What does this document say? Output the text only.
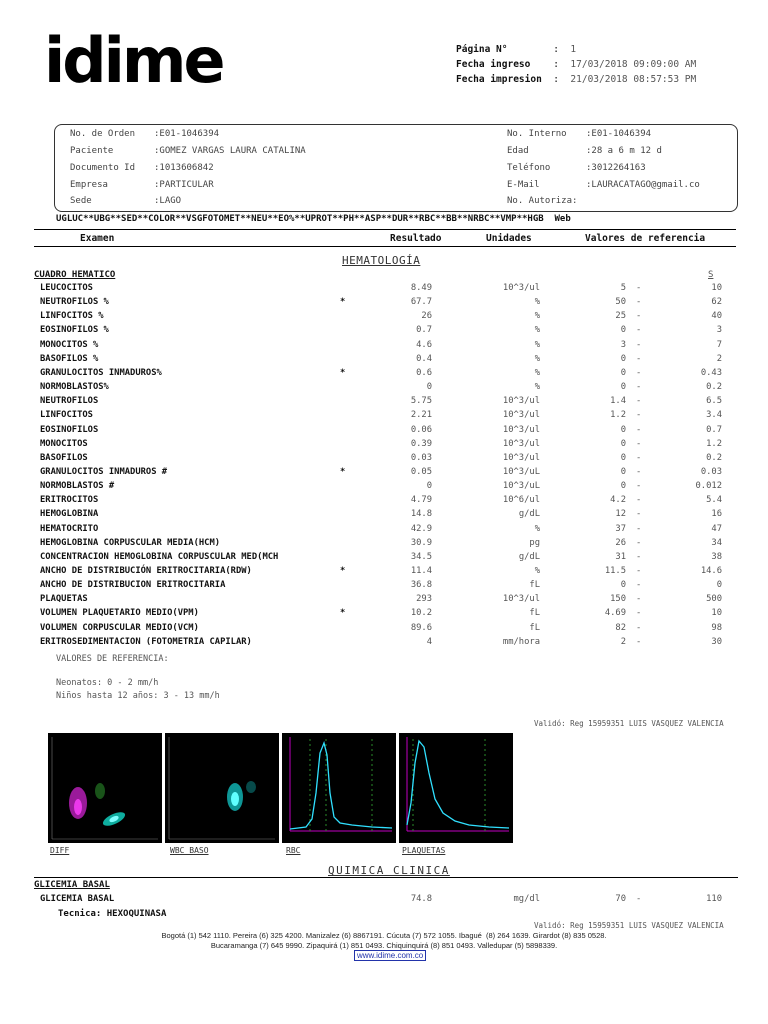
idime	Página N°        :  1
Fecha ingreso    :  17/03/2018 09:09:00 AM
Fecha impresion  :  21/03/2018 08:57:53 PM
No. de Orden	:E01-1046394
Paciente	:GOMEZ VARGAS LAURA CATALINA
Documento Id	:1013606842
Empresa	:PARTICULAR
Sede	:LAGO
No. Interno	:E01-1046394
Edad	:28 a 6 m 12 d
Teléfono	:3012264163
E-Mail	:LAURACATAGO@gmail.co
No. Autoriza:
UGLUC**UBG**SED**COLOR**VSGFOTOMET**NEU**EO%**UPROT**PH**ASP**DUR**RBC**BB**NRBC**VMP**HGB  Web
Examen	Resultado	Unidades	Valores de referencia
HEMATOLOGÍA
CUADRO HEMATICO	S
LEUCOCITOS	8.49	10^3/ul	5 -	10
NEUTROFILOS %	*	67.7	%	50 -	62
LINFOCITOS %	26	%	25 -	40
EOSINOFILOS %	0.7	%	0 -	3
MONOCITOS %	4.6	%	3 -	7
BASOFILOS %	0.4	%	0 -	2
GRANULOCITOS INMADUROS%	*	0.6	%	0 -	0.43
NORMOBLASTOS%	0	%	0 -	0.2
NEUTROFILOS	5.75	10^3/ul	1.4 -	6.5
LINFOCITOS	2.21	10^3/ul	1.2 -	3.4
EOSINOFILOS	0.06	10^3/ul	0 -	0.7
MONOCITOS	0.39	10^3/ul	0 -	1.2
BASOFILOS	0.03	10^3/ul	0 -	0.2
GRANULOCITOS INMADUROS #	*	0.05	10^3/uL	0 -	0.03
NORMOBLASTOS #	0	10^3/uL	0 -	0.012
ERITROCITOS	4.79	10^6/ul	4.2 -	5.4
HEMOGLOBINA	14.8	g/dL	12 -	16
HEMATOCRITO	42.9	%	37 -	47
HEMOGLOBINA CORPUSCULAR MEDIA(HCM)	30.9	pg	26 -	34
CONCENTRACION HEMOGLOBINA CORPUSCULAR MED(MCH	34.5	g/dL	31 -	38
ANCHO DE DISTRIBUCIÓN ERITROCITARIA(RDW)	*	11.4	%	11.5 -	14.6
ANCHO DE DISTRIBUCION ERITROCITARIA	36.8	fL	0 -	0
PLAQUETAS	293	10^3/ul	150 -	500
VOLUMEN PLAQUETARIO MEDIO(VPM)	*	10.2	fL	4.69 -	10
VOLUMEN CORPUSCULAR MEDIO(VCM)	89.6	fL	82 -	98
ERITROSEDIMENTACION (FOTOMETRIA CAPILAR)	4	mm/hora	2 -	30
VALORES DE REFERENCIA:
Neonatos: 0 - 2 mm/h
Niños hasta 12 años: 3 - 13 mm/h
Validó: Reg 15959351 LUIS VASQUEZ VALENCIA
DIFF	WBC_BASO	RBC	PLAQUETAS
QUIMICA CLINICA
GLICEMIA BASAL
GLICEMIA BASAL	74.8	mg/dl	70 -	110
Tecnica: HEXOQUINASA
Validó: Reg 15959351 LUIS VASQUEZ VALENCIA
Bogotá (1) 542 1110. Pereira (6) 325 4200. Manizalez (6) 8867191. Cúcuta (7) 572 1055. Ibagué  (8) 264 1639. Girardot (8) 835 0528.
Bucaramanga (7) 645 9990. Zipaquirá (1) 851 0493. Chiquinquirá (8) 851 0493. Valledupar (5) 5898339.
www.idime.com.co
